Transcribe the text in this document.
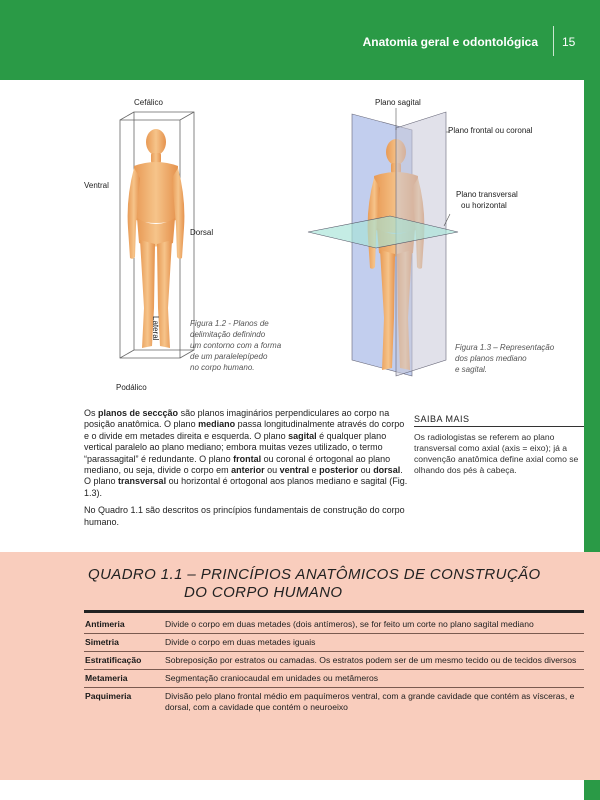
Anatomia geral e odontológica 15
Cefálico
Ventral
Dorsal
Lateral
Podálico
Figura 1.2 - Planos de
delimitação definindo
um contorno com a forma
de um paralelepípedo
no corpo humano.
Plano sagital
Plano frontal ou coronal
Plano transversal
ou horizontal
Figura 1.3 – Representação
dos planos mediano
e sagital.

Os planos de seccção são planos imaginários perpendiculares ao corpo na posição anatômica. O plano mediano passa longitudinalmente através do corpo e o divide em metades direita e esquerda. O plano sagital é qualquer plano vertical paralelo ao plano mediano; embora muitas vezes utilizado, o termo “parassagital” é redundante. O plano frontal ou coronal é ortogonal ao plano mediano, ou seja, divide o corpo em anterior ou ventral e posterior ou dorsal. O plano transversal ou horizontal é ortogonal aos planos mediano e sagital (Fig. 1.3).

No Quadro 1.1 são descritos os princípios fundamentais de construção do corpo humano.

SAIBA MAIS
Os radiologistas se referem ao plano transversal como axial (axis = eixo); já a convenção anatômica define axial como se olhando dos pés à cabeça.
QUADRO 1.1 – PRINCÍPIOS ANATÔMICOS DE CONSTRUÇÃO
DO CORPO HUMANO
Antimeria	Divide o corpo em duas metades (dois antímeros), se for feito um corte no plano sagital mediano
Simetria	Divide o corpo em duas metades iguais
Estratificação	Sobreposição por estratos ou camadas. Os estratos podem ser de um mesmo tecido ou de tecidos diversos
Metameria	Segmentação craniocaudal em unidades ou metâmeros
Paquimeria	Divisão pelo plano frontal médio em paquímeros ventral, com a grande cavidade que contém as vísceras, e dorsal, com a cavidade que contém o neuroeixo
